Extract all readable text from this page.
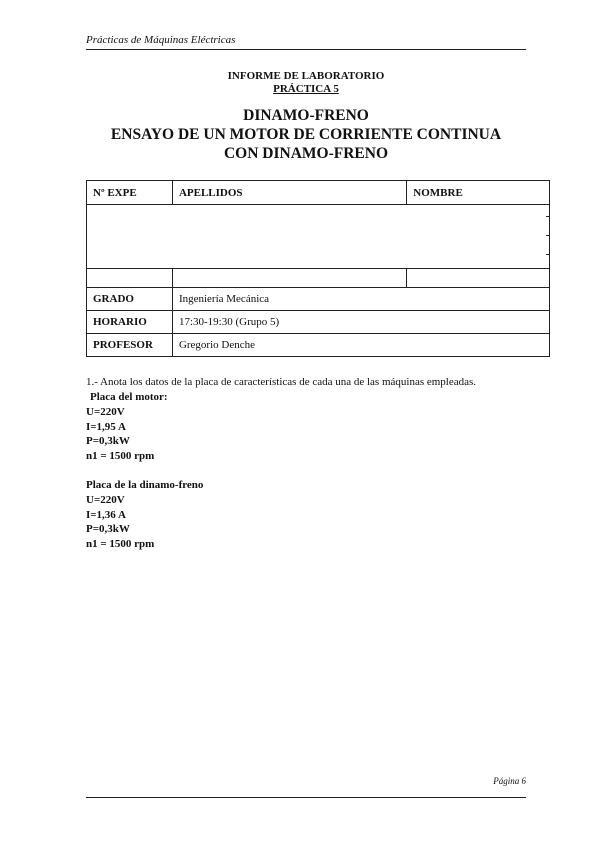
Prácticas de Máquinas Eléctricas
INFORME DE LABORATORIO
PRÁCTICA 5
DINAMO-FRENO
ENSAYO DE UN MOTOR DE CORRIENTE CONTINUA
CON DINAMO-FRENO
Nº EXPE	APELLIDOS	NOMBRE

GRADO	Ingeniería Mecánica	
HORARIO	17:30-19:30 (Grupo 5)	
PROFESOR	Gregorio Denche	
1.- Anota los datos de la placa de características de cada una de las máquinas empleadas.
Placa del motor:
U=220V
I=1,95 A
P=0,3kW
n1 = 1500 rpm
Placa de la dinamo-freno
U=220V
I=1,36 A
P=0,3kW
n1 = 1500 rpm
Página 6
